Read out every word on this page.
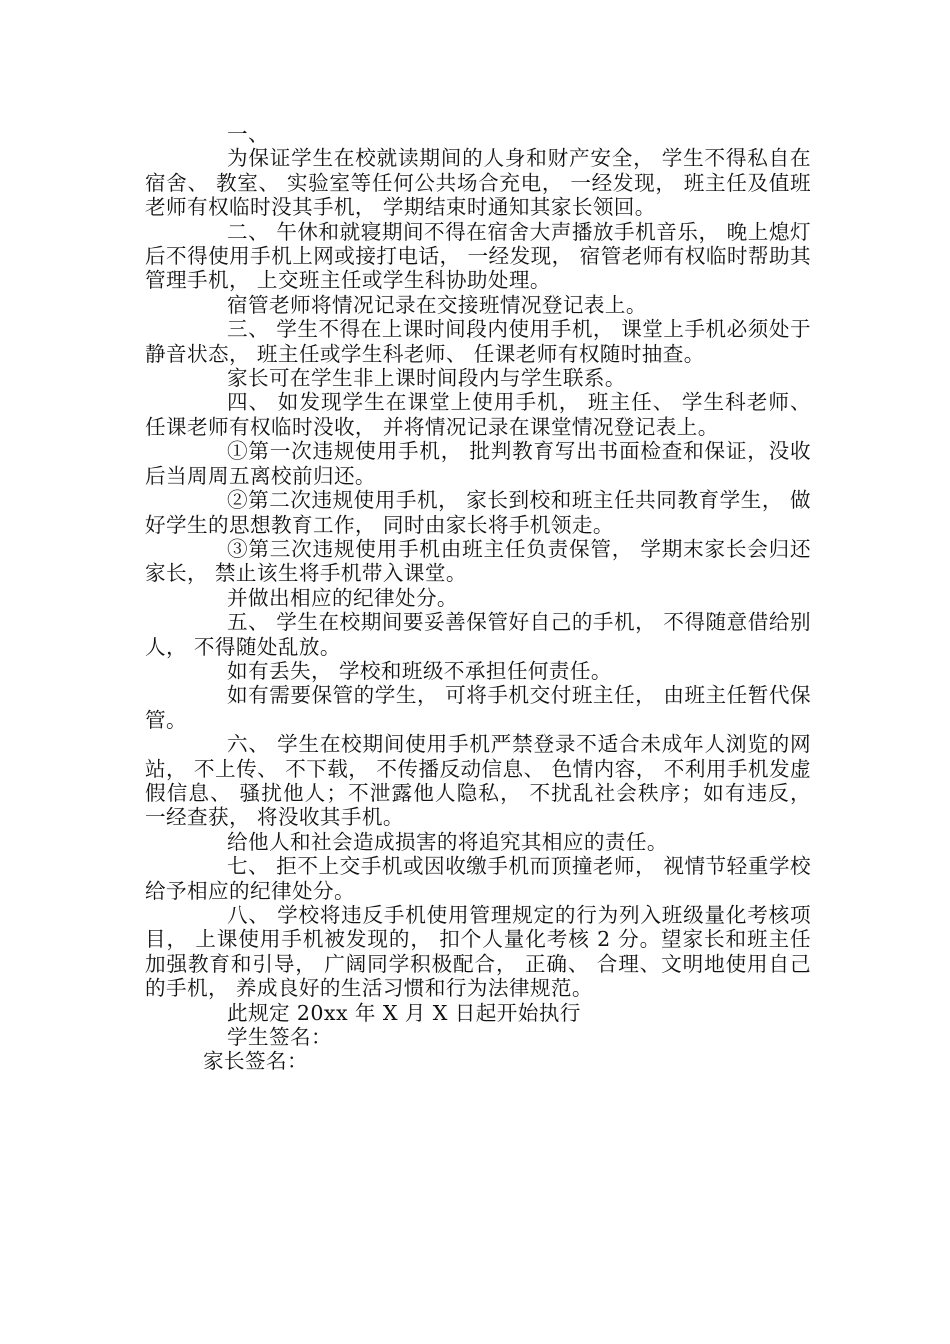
一、

为保证学生在校就读期间的人身和财产安全， 学生不得私自在宿舍、 教室、 实验室等任何公共场合充电， 一经发现， 班主任及值班老师有权临时没其手机， 学期结束时通知其家长领回。

二、 午休和就寝期间不得在宿舍大声播放手机音乐， 晚上熄灯后不得使用手机上网或接打电话， 一经发现， 宿管老师有权临时帮助其管理手机， 上交班主任或学生科协助处理。

宿管老师将情况记录在交接班情况登记表上。

三、 学生不得在上课时间段内使用手机， 课堂上手机必须处于静音状态， 班主任或学生科老师、 任课老师有权随时抽查。

家长可在学生非上课时间段内与学生联系。

四、 如发现学生在课堂上使用手机， 班主任、 学生科老师、 任课老师有权临时没收， 并将情况记录在课堂情况登记表上。

①第一次违规使用手机， 批判教育写出书面检查和保证，没收后当周周五离校前归还。

②第二次违规使用手机， 家长到校和班主任共同教育学生， 做好学生的思想教育工作， 同时由家长将手机领走。

③第三次违规使用手机由班主任负责保管， 学期末家长会归还家长， 禁止该生将手机带入课堂。

并做出相应的纪律处分。

五、 学生在校期间要妥善保管好自己的手机， 不得随意借给别人， 不得随处乱放。

如有丢失， 学校和班级不承担任何责任。

如有需要保管的学生， 可将手机交付班主任， 由班主任暂代保管。

六、 学生在校期间使用手机严禁登录不适合未成年人浏览的网站， 不上传、 不下载， 不传播反动信息、 色情内容， 不利用手机发虚假信息、 骚扰他人；不泄露他人隐私， 不扰乱社会秩序；如有违反， 一经查获， 将没收其手机。

给他人和社会造成损害的将追究其相应的责任。

七、 拒不上交手机或因收缴手机而顶撞老师， 视情节轻重学校给予相应的纪律处分。

八、 学校将违反手机使用管理规定的行为列入班级量化考核项目， 上课使用手机被发现的， 扣个人量化考核 2 分。望家长和班主任加强教育和引导， 广阔同学积极配合， 正确、 合理、文明地使用自己的手机， 养成良好的生活习惯和行为法律规范。

此规定 20xx 年 X 月 X 日起开始执行

学生签名：

家长签名：
